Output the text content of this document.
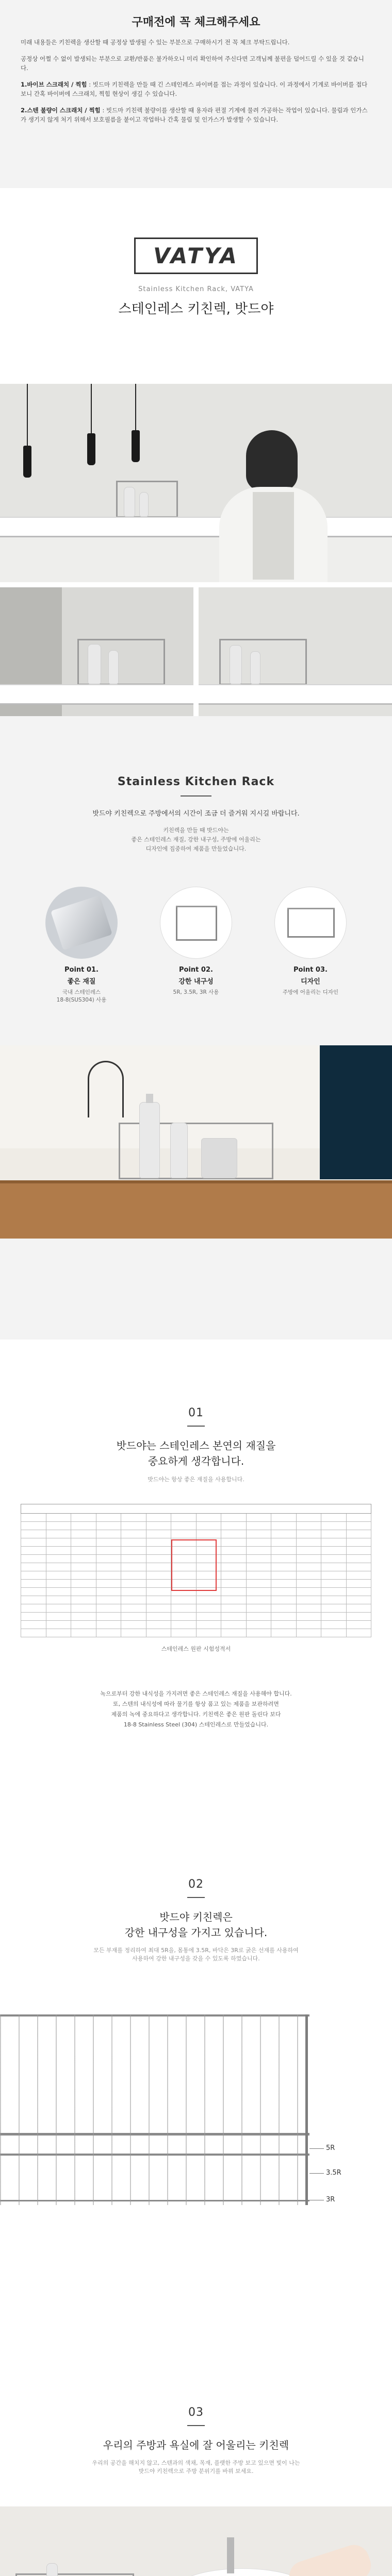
구매전에 꼭 체크해주세요

미래 내용들은 키친렉을 생산할 때 공정상 발생될 수 있는 부분으로 구매하시기 전 꼭 체크 부탁드립니다.

공정상 어쩔 수 없이 발생되는 부분으로 교환/반품은 불가하오니 미리 확인하여 주신다면 고객님께 불편을 덜어드릴 수 있을 것 같습니다.

1.바이브 스크래치 / 찍힘 : 빗드마 키친렉을 만들 때 긴 스테인레스 파이버를 접는 과정이 있습니다. 이 과정에서 기계로 바이버를 접다 보니 간혹 바이버에 스크래치, 찍힘 현상이 생길 수 있습니다.

2.스텐 불량이 스크래치 / 찍힘 : 빗드마 키친렉 불량이를 생산할 때 용자라 편절 기계에 물려 가공하는 작업이 있습니다. 물림과 인가스가 생기지 않게 처기 위해서 보호필름을 붙이고 작업하나 간혹 물림 및 인가스가 발생할 수 있습니다.

VATYA
Stainless Kitchen Rack, VATYA
스테인레스 키친렉, 밧드야
Stainless Kitchen Rack
밧드야 키친렉으로 주방에서의 시간이 조금 더 즐거워 지시길 바랍니다.
키친렉을 만들 때 밧드야는
좋은 스테인레스 재질, 강한 내구성, 주방에 어울리는
디자인에 집중하여 제품을 만들었습니다.
Point 01.
좋은 재질
국내 스테인레스
18-8(SUS304) 사용
Point 02.
강한 내구성
5R, 3.5R, 3R 사용
Point 03.
디자인
주방에 어울리는 디자인
01
밧드야는 스테인레스 본연의 재질을
중요하게 생각합니다.
밧드야는 항상 좋은 재질을 사용합니다.

스테인레스 원판 시험성적서
녹으로부터 강한 내식성을 가지려면 좋은 스테인레스 재질을 사용해야 합니다.
또, 스텐의 내식성에 따라 물기를 항상 품고 있는 제품을 보관하려면
제품의 녹에 중요하다고 생각합니다. 키친렉은 좋은 원판 돌린다 보다
18-8 Stainless Steel (304) 스테인레스로 만들었습니다.
02
밧드야 키친렉은
강한 내구성을 가지고 있습니다.
모든 부재를 정리하여 최대 5R을, 몸통에 3.5R, 바닥은 3R로 굵은 선재를 사용하여
사용하여 강한 내구성을 갖을 수 있도록 하였습니다.
5R
3.5R
3R
03
우리의 주방과 욕실에 잘 어울리는 키친렉
우리의 공간을 해치지 않고, 스텐과의 색채, 목재, 플랫한 주방 보고 있으면 빛이 나는
밧드야 키친렉으로 주방 분위기를 바꿔 보세요.
